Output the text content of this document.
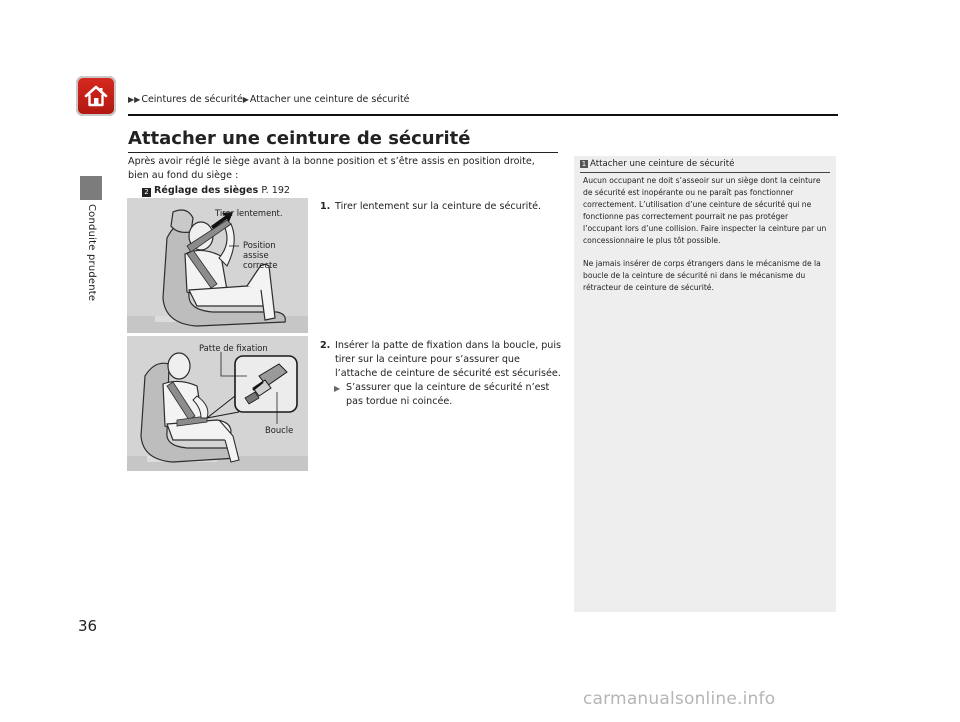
▶▶Ceintures de sécurité▶Attacher une ceinture de sécurité
Conduite prudente
36
Attacher une ceinture de sécurité
Après avoir réglé le siège avant à la bonne position et s’être assis en position droite, bien au fond du siège :
2 Réglage des sièges P. 192
Tirer lentement.
Position
assise
correcte
Patte de fixation
Boucle
1. Tirer lentement sur la ceinture de sécurité.
2. Insérer la patte de fixation dans la boucle, puis tirer sur la ceinture pour s’assurer que l’attache de ceinture de sécurité est sécurisée.
▶ S’assurer que la ceinture de sécurité n’est pas tordue ni coincée.
1 Attacher une ceinture de sécurité

Aucun occupant ne doit s’asseoir sur un siège dont la ceinture de sécurité est inopérante ou ne paraît pas fonctionner correctement. L’utilisation d’une ceinture de sécurité qui ne fonctionne pas correctement pourrait ne pas protéger l’occupant lors d’une collision. Faire inspecter la ceinture par un concessionnaire le plus tôt possible.

Ne jamais insérer de corps étrangers dans le mécanisme de la boucle de la ceinture de sécurité ni dans le mécanisme du rétracteur de ceinture de sécurité.

carmanualsonline.info
